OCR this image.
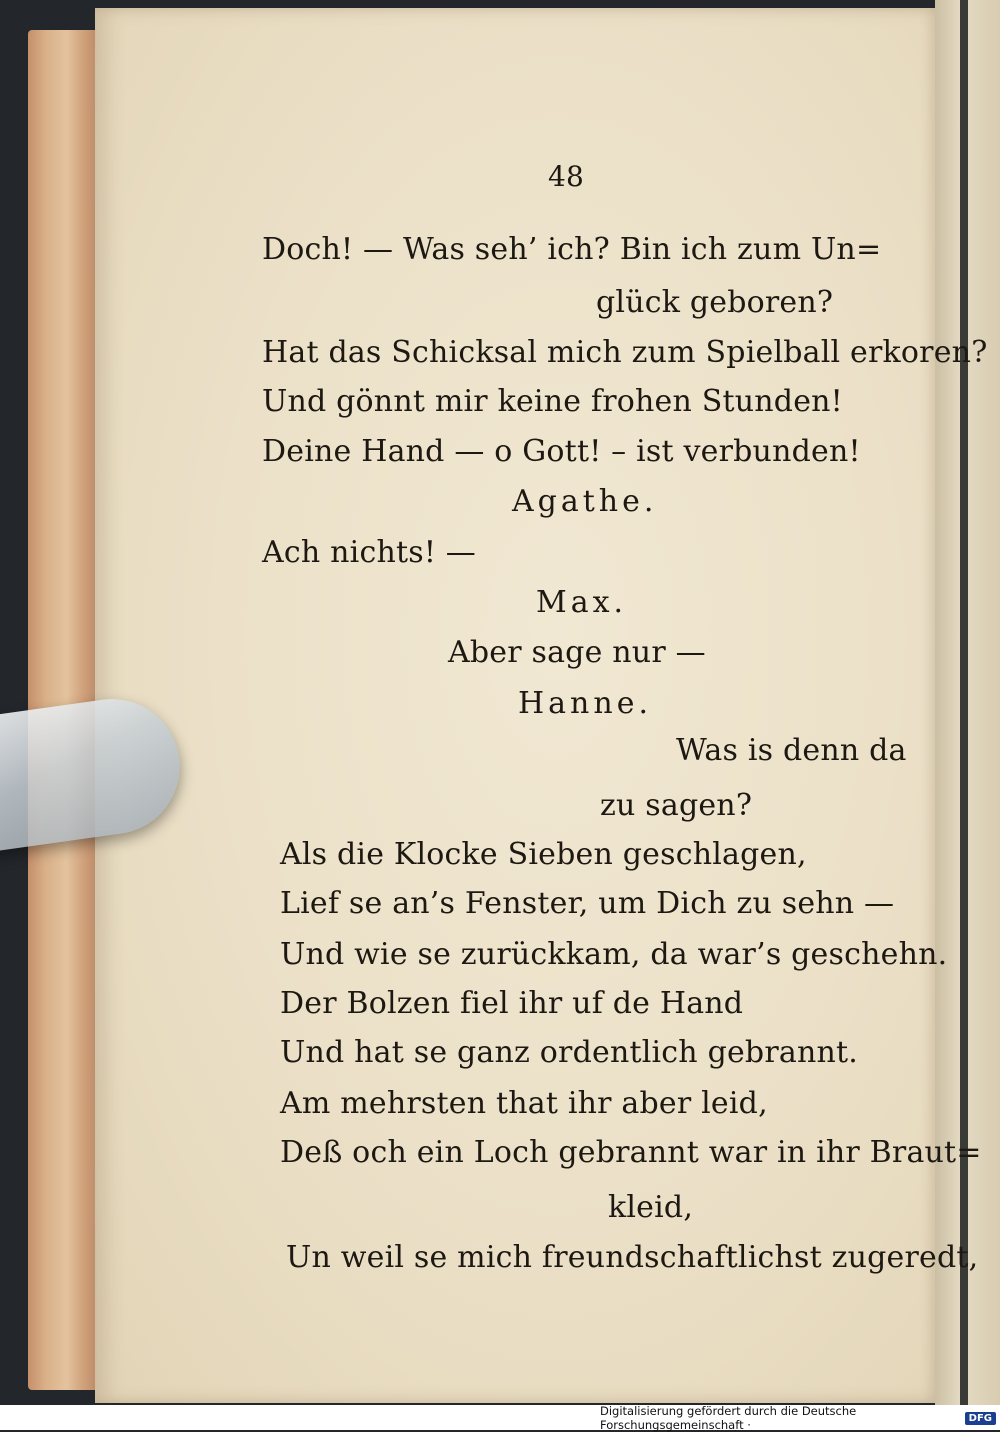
48
Doch! — Was seh’ ich? Bin ich zum Un=
glück geboren?
Hat das Schicksal mich zum Spielball erkoren?
Und gönnt mir keine frohen Stunden!
Deine Hand — o Gott! – ist verbunden!
Agathe.
Ach nichts! —
Max.
Aber sage nur —
Hanne.
Was is denn da
zu sagen?
Als die Klocke Sieben geschlagen,
Lief se an’s Fenster, um Dich zu sehn —
Und wie se zurückkam, da war’s geschehn.
Der Bolzen fiel ihr uf de Hand
Und hat se ganz ordentlich gebrannt.
Am mehrsten that ihr aber leid,
Deß och ein Loch gebrannt war in ihr Braut=
kleid,
Un weil se mich freundschaftlichst zugeredt,
Digitalisierung gefördert durch die Deutsche Forschungsgemeinschaft ·	DFG
